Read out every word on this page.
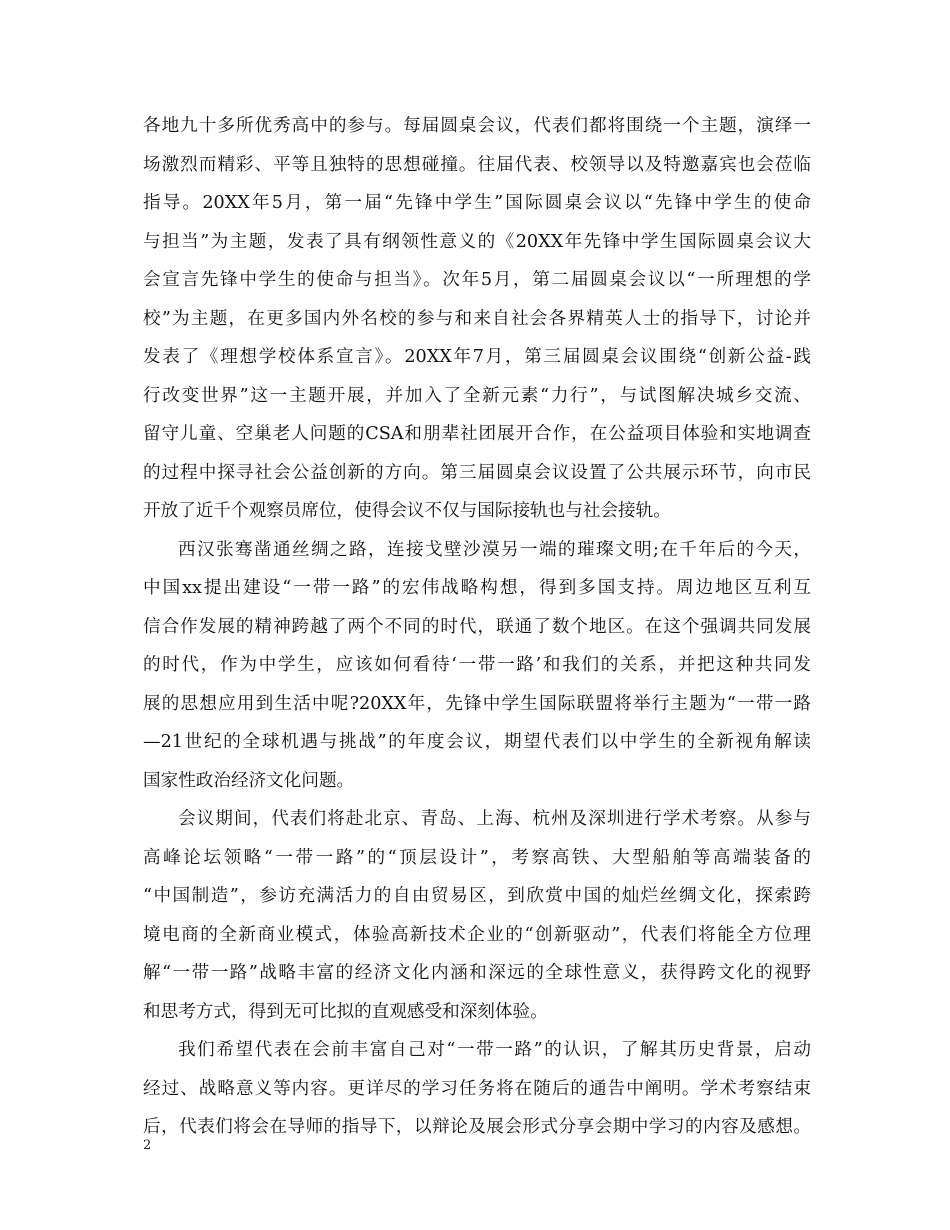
各地九十多所优秀高中的参与。每届圆桌会议，代表们都将围绕一个主题，演绎一
场激烈而精彩、平等且独特的思想碰撞。往届代表、校领导以及特邀嘉宾也会莅临
指导。20XX年5月，第一届“先锋中学生”国际圆桌会议以“先锋中学生的使命
与担当”为主题，发表了具有纲领性意义的《20XX年先锋中学生国际圆桌会议大
会宣言先锋中学生的使命与担当》。次年5月，第二届圆桌会议以“一所理想的学
校”为主题，在更多国内外名校的参与和来自社会各界精英人士的指导下，讨论并
发表了《理想学校体系宣言》。20XX年7月，第三届圆桌会议围绕“创新公益-践
行改变世界”这一主题开展，并加入了全新元素“力行”，与试图解决城乡交流、
留守儿童、空巢老人问题的CSA和朋辈社团展开合作，在公益项目体验和实地调查
的过程中探寻社会公益创新的方向。第三届圆桌会议设置了公共展示环节，向市民
开放了近千个观察员席位，使得会议不仅与国际接轨也与社会接轨。
西汉张骞凿通丝绸之路，连接戈壁沙漠另一端的璀璨文明;在千年后的今天，
中国xx提出建设“一带一路”的宏伟战略构想，得到多国支持。周边地区互利互
信合作发展的精神跨越了两个不同的时代，联通了数个地区。在这个强调共同发展
的时代，作为中学生，应该如何看待‘一带一路’和我们的关系，并把这种共同发
展的思想应用到生活中呢?20XX年，先锋中学生国际联盟将举行主题为“一带一路
—21世纪的全球机遇与挑战”的年度会议，期望代表们以中学生的全新视角解读
国家性政治经济文化问题。
会议期间，代表们将赴北京、青岛、上海、杭州及深圳进行学术考察。从参与
高峰论坛领略“一带一路”的“顶层设计”，考察高铁、大型船舶等高端装备的
“中国制造”，参访充满活力的自由贸易区，到欣赏中国的灿烂丝绸文化，探索跨
境电商的全新商业模式，体验高新技术企业的“创新驱动”，代表们将能全方位理
解“一带一路”战略丰富的经济文化内涵和深远的全球性意义，获得跨文化的视野
和思考方式，得到无可比拟的直观感受和深刻体验。
我们希望代表在会前丰富自己对“一带一路”的认识，了解其历史背景，启动
经过、战略意义等内容。更详尽的学习任务将在随后的通告中阐明。学术考察结束
后，代表们将会在导师的指导下，以辩论及展会形式分享会期中学习的内容及感想。
2
